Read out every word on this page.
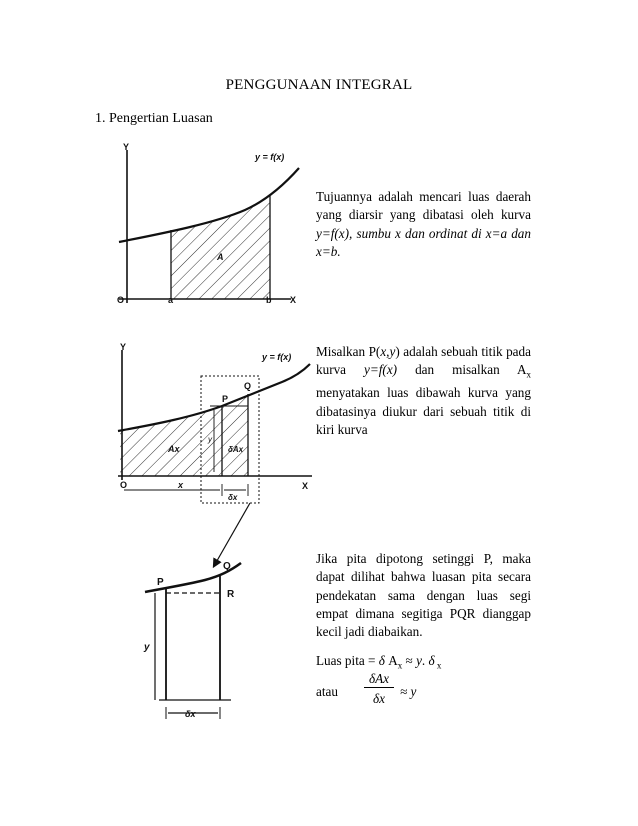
PENGGUNAAN INTEGRAL
1. Pengertian Luasan
Y
X
O	a	b
A
y = f(x)
Tujuannya adalah mencari luas daerah yang diarsir yang dibatasi oleh kurva y=f(x), sumbu x dan ordinat di x=a dan x=b.
Y
X
O
y = f(x)
P
Q
Ax	δAx
y
x
δx
Misalkan P(x,y) adalah sebuah titik pada kurva y=f(x) dan misalkan $A_x$ menyatakan luas dibawah kurva yang dibatasinya diukur dari sebuah titik di kiri kurva
P
Q
R
y
δx
Jika pita dipotong setinggi P, maka dapat dilihat bahwa luasan pita secara pendekatan sama dengan luas segi empat dimana segitiga PQR dianggap kecil jadi diabaikan.
Luas pita = δ $A_x \approx y$. δ $_x$
atau
δAx
δx	≈ y
